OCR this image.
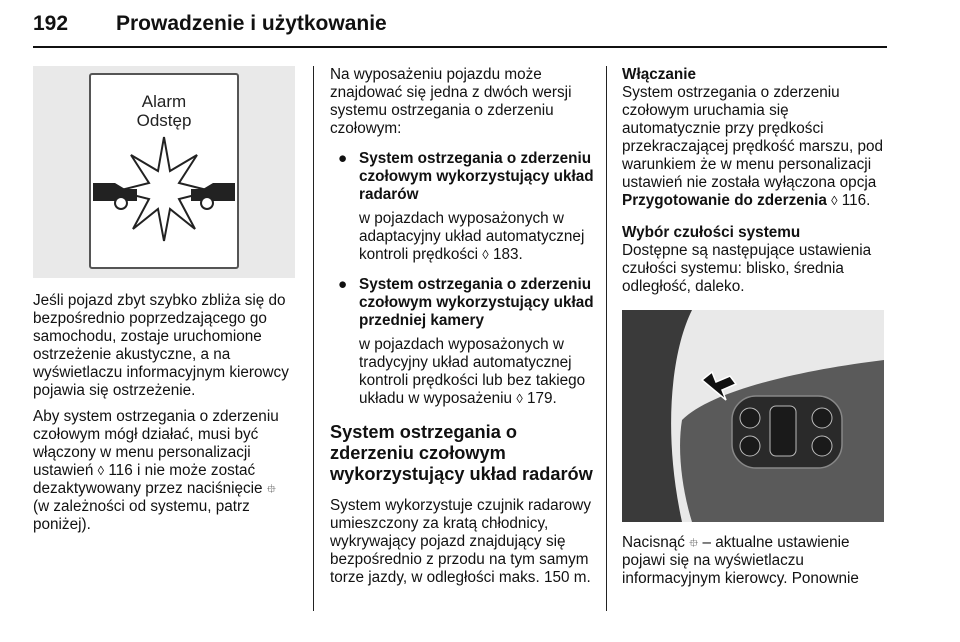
192 Prowadzenie i użytkowanie
Alarm
Odstęp

Jeśli pojazd zbyt szybko zbliża się do bezpośrednio poprzedzającego go samochodu, zostaje uruchomione ostrzeżenie akustyczne, a na wyświetlaczu informacyjnym kierowcy pojawia się ostrzeżenie.

Aby system ostrzegania o zderzeniu czołowym mógł działać, musi być włączony w menu personalizacji ustawień ◊ 116 i nie może zostać dezaktywowany przez naciśnięcie ⯐ (w zależności od systemu, patrz poniżej).

Na wyposażeniu pojazdu może znajdować się jedna z dwóch wersji systemu ostrzegania o zderzeniu czołowym:

● System ostrzegania o zderzeniu czołowym wykorzystujący układ radarów
w pojazdach wyposażonych w adaptacyjny układ automatycznej kontroli prędkości ◊ 183.
● System ostrzegania o zderzeniu czołowym wykorzystujący układ przedniej kamery
w pojazdach wyposażonych w tradycyjny układ automatycznej kontroli prędkości lub bez takiego układu w wyposażeniu ◊ 179.
System ostrzegania o zderzeniu czołowym wykorzystujący układ radarów

System wykorzystuje czujnik radarowy umieszczony za kratą chłodnicy, wykrywający pojazd znajdujący się bezpośrednio z przodu na tym samym torze jazdy, w odległości maks. 150 m.

Włączanie

System ostrzegania o zderzeniu czołowym uruchamia się automatycznie przy prędkości przekraczającej prędkość marszu, pod warunkiem że w menu personalizacji ustawień nie została wyłączona opcja Przygotowanie do zderzenia ◊ 116.

Wybór czułości systemu

Dostępne są następujące ustawienia czułości systemu: blisko, średnia odległość, daleko.

Nacisnąć ⯐ – aktualne ustawienie pojawi się na wyświetlaczu informacyjnym kierowcy. Ponownie
